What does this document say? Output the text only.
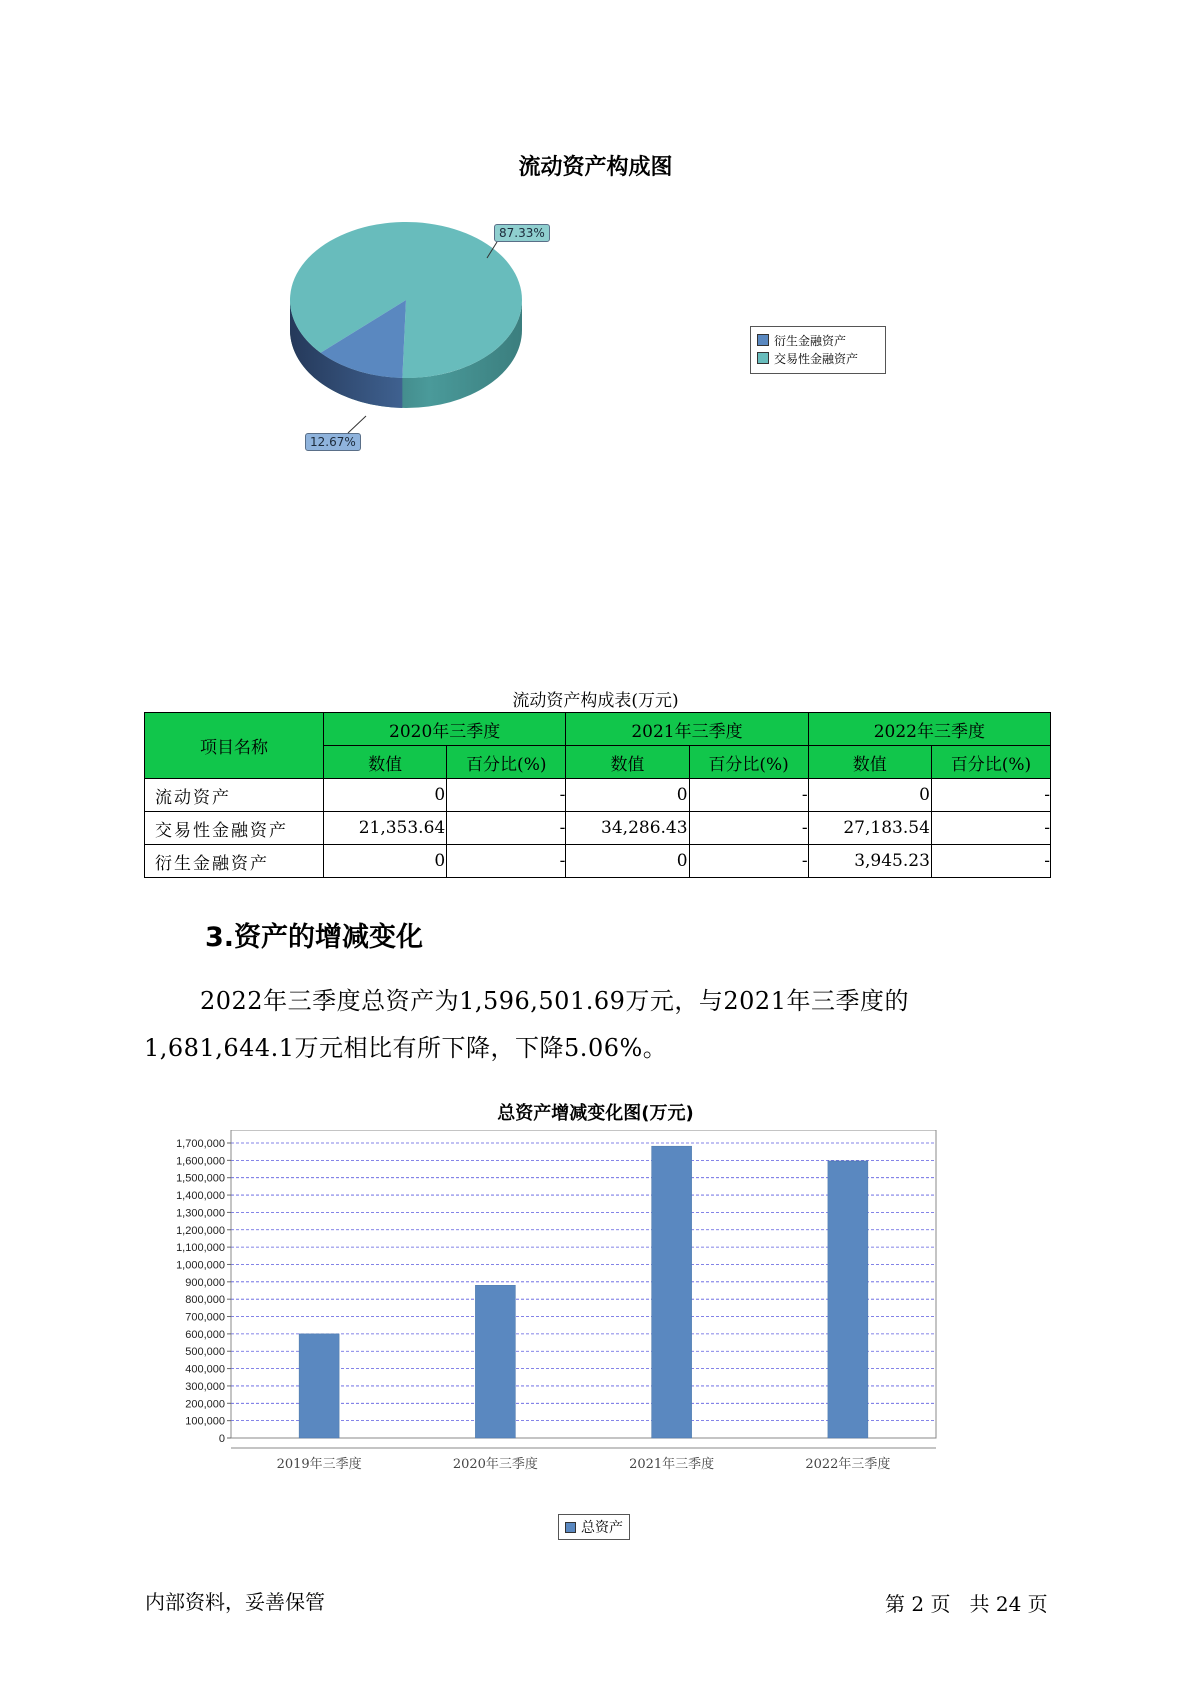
流动资产构成图
87.33%
12.67%
衍生金融资产
交易性金融资产
流动资产构成表(万元)
项目名称	2020年三季度		2021年三季度		2022年三季度	
	数值	百分比(%)	数值	百分比(%)	数值	百分比(%)
流动资产	0	-	0	-	0	-
交易性金融资产	21,353.64	-	34,286.43	-	27,183.54	-
衍生金融资产	0	-	0	-	3,945.23	-
3.资产的增减变化
2022年三季度总资产为1,596,501.69万元，与2021年三季度的
1,681,644.1万元相比有所下降，下降5.06%。
总资产增减变化图(万元)
0
100,000
200,000
300,000
400,000
500,000
600,000
700,000
800,000
900,000
1,000,000
1,100,000
1,200,000
1,300,000
1,400,000
1,500,000
1,600,000
1,700,000
2019年三季度	2020年三季度	2021年三季度	2022年三季度
总资产
内部资料，妥善保管	第 2 页   共 24 页
